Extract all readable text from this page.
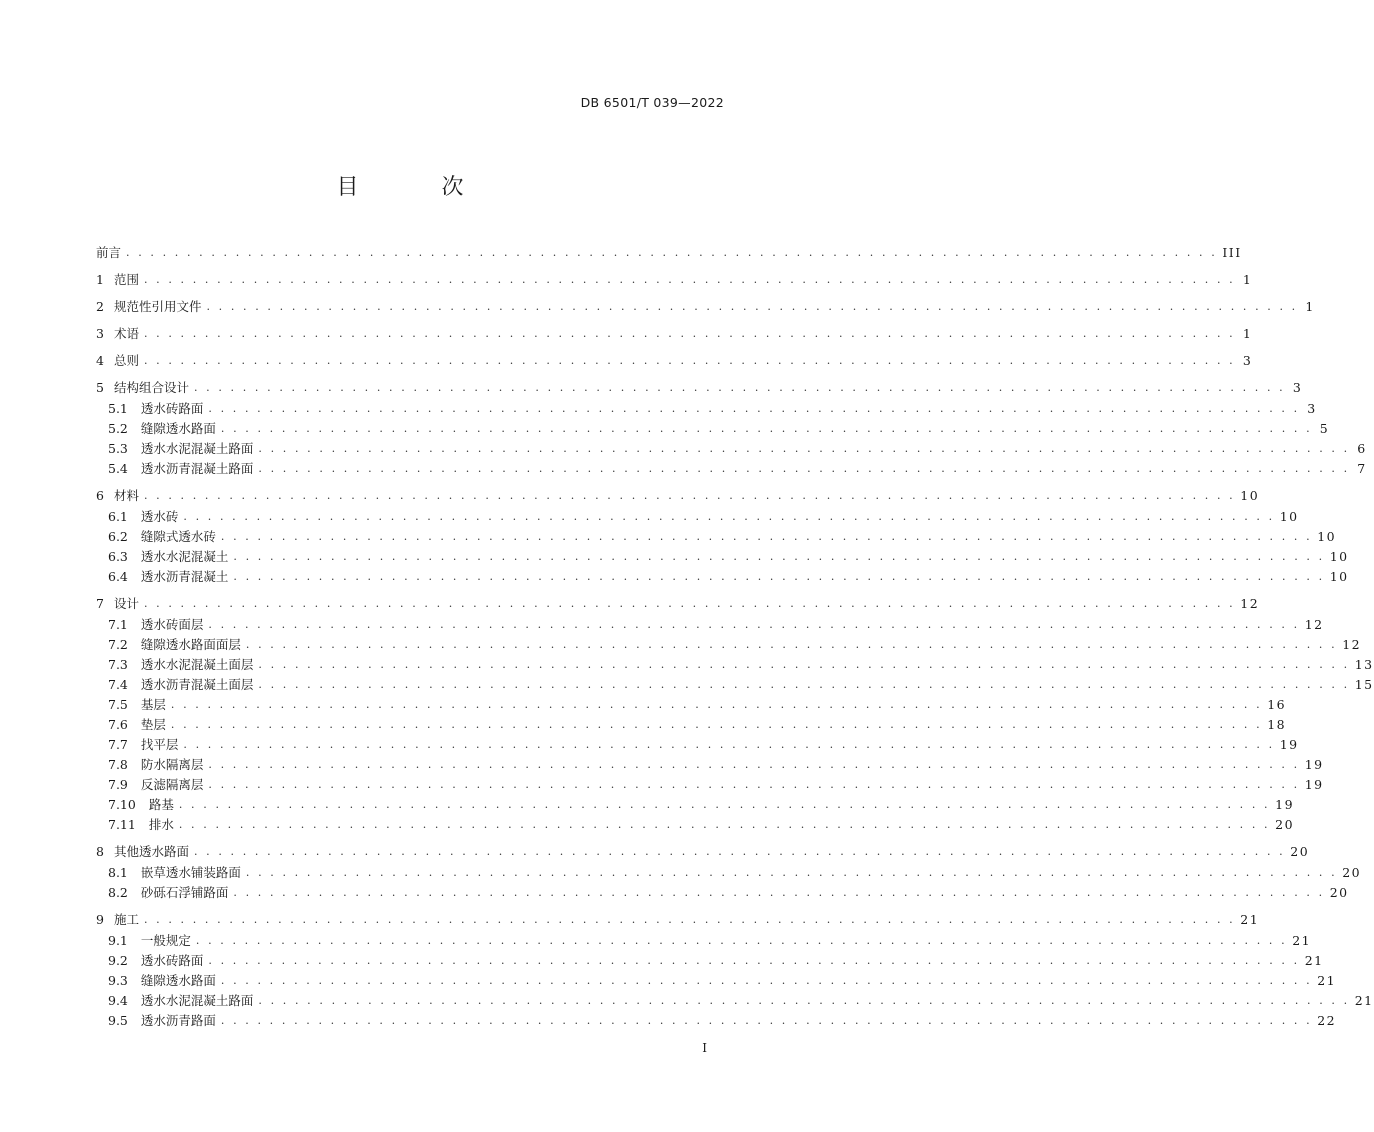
DB 6501/T 039—2022
目 次
前言 . . . . . . . . . . . . . . . . . . . . . . . . . . . . . . . . . . . . . . . . . . . . . . . . . . . . . . . . . . . . . . . . . . . . . . . . . . . . . . . . . . . . . . . . . . III
1 范围 . . . . . . . . . . . . . . . . . . . . . . . . . . . . . . . . . . . . . . . . . . . . . . . . . . . . . . . . . . . . . . . . . . . . . . . . . . . . . . . . . . . . . . . . . . 1
2 规范性引用文件 . . . . . . . . . . . . . . . . . . . . . . . . . . . . . . . . . . . . . . . . . . . . . . . . . . . . . . . . . . . . . . . . . . . . . . . . . . . . . . . . . . . . . . . . . . 1
3 术语 . . . . . . . . . . . . . . . . . . . . . . . . . . . . . . . . . . . . . . . . . . . . . . . . . . . . . . . . . . . . . . . . . . . . . . . . . . . . . . . . . . . . . . . . . . 1
4 总则 . . . . . . . . . . . . . . . . . . . . . . . . . . . . . . . . . . . . . . . . . . . . . . . . . . . . . . . . . . . . . . . . . . . . . . . . . . . . . . . . . . . . . . . . . . 3
5 结构组合设计 . . . . . . . . . . . . . . . . . . . . . . . . . . . . . . . . . . . . . . . . . . . . . . . . . . . . . . . . . . . . . . . . . . . . . . . . . . . . . . . . . . . . . . . . . . 3
5.1 透水砖路面 . . . . . . . . . . . . . . . . . . . . . . . . . . . . . . . . . . . . . . . . . . . . . . . . . . . . . . . . . . . . . . . . . . . . . . . . . . . . . . . . . . . . . . . . . . 3
5.2 缝隙透水路面 . . . . . . . . . . . . . . . . . . . . . . . . . . . . . . . . . . . . . . . . . . . . . . . . . . . . . . . . . . . . . . . . . . . . . . . . . . . . . . . . . . . . . . . . . . 5
5.3 透水水泥混凝土路面 . . . . . . . . . . . . . . . . . . . . . . . . . . . . . . . . . . . . . . . . . . . . . . . . . . . . . . . . . . . . . . . . . . . . . . . . . . . . . . . . . . . . . . . . . . 6
5.4 透水沥青混凝土路面 . . . . . . . . . . . . . . . . . . . . . . . . . . . . . . . . . . . . . . . . . . . . . . . . . . . . . . . . . . . . . . . . . . . . . . . . . . . . . . . . . . . . . . . . . . 7
6 材料 . . . . . . . . . . . . . . . . . . . . . . . . . . . . . . . . . . . . . . . . . . . . . . . . . . . . . . . . . . . . . . . . . . . . . . . . . . . . . . . . . . . . . . . . . . 10
6.1 透水砖 . . . . . . . . . . . . . . . . . . . . . . . . . . . . . . . . . . . . . . . . . . . . . . . . . . . . . . . . . . . . . . . . . . . . . . . . . . . . . . . . . . . . . . . . . . 10
6.2 缝隙式透水砖 . . . . . . . . . . . . . . . . . . . . . . . . . . . . . . . . . . . . . . . . . . . . . . . . . . . . . . . . . . . . . . . . . . . . . . . . . . . . . . . . . . . . . . . . . . 10
6.3 透水水泥混凝土 . . . . . . . . . . . . . . . . . . . . . . . . . . . . . . . . . . . . . . . . . . . . . . . . . . . . . . . . . . . . . . . . . . . . . . . . . . . . . . . . . . . . . . . . . . 10
6.4 透水沥青混凝土 . . . . . . . . . . . . . . . . . . . . . . . . . . . . . . . . . . . . . . . . . . . . . . . . . . . . . . . . . . . . . . . . . . . . . . . . . . . . . . . . . . . . . . . . . . 10
7 设计 . . . . . . . . . . . . . . . . . . . . . . . . . . . . . . . . . . . . . . . . . . . . . . . . . . . . . . . . . . . . . . . . . . . . . . . . . . . . . . . . . . . . . . . . . . 12
7.1 透水砖面层 . . . . . . . . . . . . . . . . . . . . . . . . . . . . . . . . . . . . . . . . . . . . . . . . . . . . . . . . . . . . . . . . . . . . . . . . . . . . . . . . . . . . . . . . . . 12
7.2 缝隙透水路面面层 . . . . . . . . . . . . . . . . . . . . . . . . . . . . . . . . . . . . . . . . . . . . . . . . . . . . . . . . . . . . . . . . . . . . . . . . . . . . . . . . . . . . . . . . . . 12
7.3 透水水泥混凝土面层 . . . . . . . . . . . . . . . . . . . . . . . . . . . . . . . . . . . . . . . . . . . . . . . . . . . . . . . . . . . . . . . . . . . . . . . . . . . . . . . . . . . . . . . . . . 13
7.4 透水沥青混凝土面层 . . . . . . . . . . . . . . . . . . . . . . . . . . . . . . . . . . . . . . . . . . . . . . . . . . . . . . . . . . . . . . . . . . . . . . . . . . . . . . . . . . . . . . . . . . 15
7.5 基层 . . . . . . . . . . . . . . . . . . . . . . . . . . . . . . . . . . . . . . . . . . . . . . . . . . . . . . . . . . . . . . . . . . . . . . . . . . . . . . . . . . . . . . . . . . 16
7.6 垫层 . . . . . . . . . . . . . . . . . . . . . . . . . . . . . . . . . . . . . . . . . . . . . . . . . . . . . . . . . . . . . . . . . . . . . . . . . . . . . . . . . . . . . . . . . . 18
7.7 找平层 . . . . . . . . . . . . . . . . . . . . . . . . . . . . . . . . . . . . . . . . . . . . . . . . . . . . . . . . . . . . . . . . . . . . . . . . . . . . . . . . . . . . . . . . . . 19
7.8 防水隔离层 . . . . . . . . . . . . . . . . . . . . . . . . . . . . . . . . . . . . . . . . . . . . . . . . . . . . . . . . . . . . . . . . . . . . . . . . . . . . . . . . . . . . . . . . . . 19
7.9 反滤隔离层 . . . . . . . . . . . . . . . . . . . . . . . . . . . . . . . . . . . . . . . . . . . . . . . . . . . . . . . . . . . . . . . . . . . . . . . . . . . . . . . . . . . . . . . . . . 19
7.10 路基 . . . . . . . . . . . . . . . . . . . . . . . . . . . . . . . . . . . . . . . . . . . . . . . . . . . . . . . . . . . . . . . . . . . . . . . . . . . . . . . . . . . . . . . . . . 19
7.11 排水 . . . . . . . . . . . . . . . . . . . . . . . . . . . . . . . . . . . . . . . . . . . . . . . . . . . . . . . . . . . . . . . . . . . . . . . . . . . . . . . . . . . . . . . . . . 20
8 其他透水路面 . . . . . . . . . . . . . . . . . . . . . . . . . . . . . . . . . . . . . . . . . . . . . . . . . . . . . . . . . . . . . . . . . . . . . . . . . . . . . . . . . . . . . . . . . . 20
8.1 嵌草透水铺装路面 . . . . . . . . . . . . . . . . . . . . . . . . . . . . . . . . . . . . . . . . . . . . . . . . . . . . . . . . . . . . . . . . . . . . . . . . . . . . . . . . . . . . . . . . . . 20
8.2 砂砾石浮铺路面 . . . . . . . . . . . . . . . . . . . . . . . . . . . . . . . . . . . . . . . . . . . . . . . . . . . . . . . . . . . . . . . . . . . . . . . . . . . . . . . . . . . . . . . . . . 20
9 施工 . . . . . . . . . . . . . . . . . . . . . . . . . . . . . . . . . . . . . . . . . . . . . . . . . . . . . . . . . . . . . . . . . . . . . . . . . . . . . . . . . . . . . . . . . . 21
9.1 一般规定 . . . . . . . . . . . . . . . . . . . . . . . . . . . . . . . . . . . . . . . . . . . . . . . . . . . . . . . . . . . . . . . . . . . . . . . . . . . . . . . . . . . . . . . . . . 21
9.2 透水砖路面 . . . . . . . . . . . . . . . . . . . . . . . . . . . . . . . . . . . . . . . . . . . . . . . . . . . . . . . . . . . . . . . . . . . . . . . . . . . . . . . . . . . . . . . . . . 21
9.3 缝隙透水路面 . . . . . . . . . . . . . . . . . . . . . . . . . . . . . . . . . . . . . . . . . . . . . . . . . . . . . . . . . . . . . . . . . . . . . . . . . . . . . . . . . . . . . . . . . . 21
9.4 透水水泥混凝土路面 . . . . . . . . . . . . . . . . . . . . . . . . . . . . . . . . . . . . . . . . . . . . . . . . . . . . . . . . . . . . . . . . . . . . . . . . . . . . . . . . . . . . . . . . . . 21
9.5 透水沥青路面 . . . . . . . . . . . . . . . . . . . . . . . . . . . . . . . . . . . . . . . . . . . . . . . . . . . . . . . . . . . . . . . . . . . . . . . . . . . . . . . . . . . . . . . . . . 22
I
